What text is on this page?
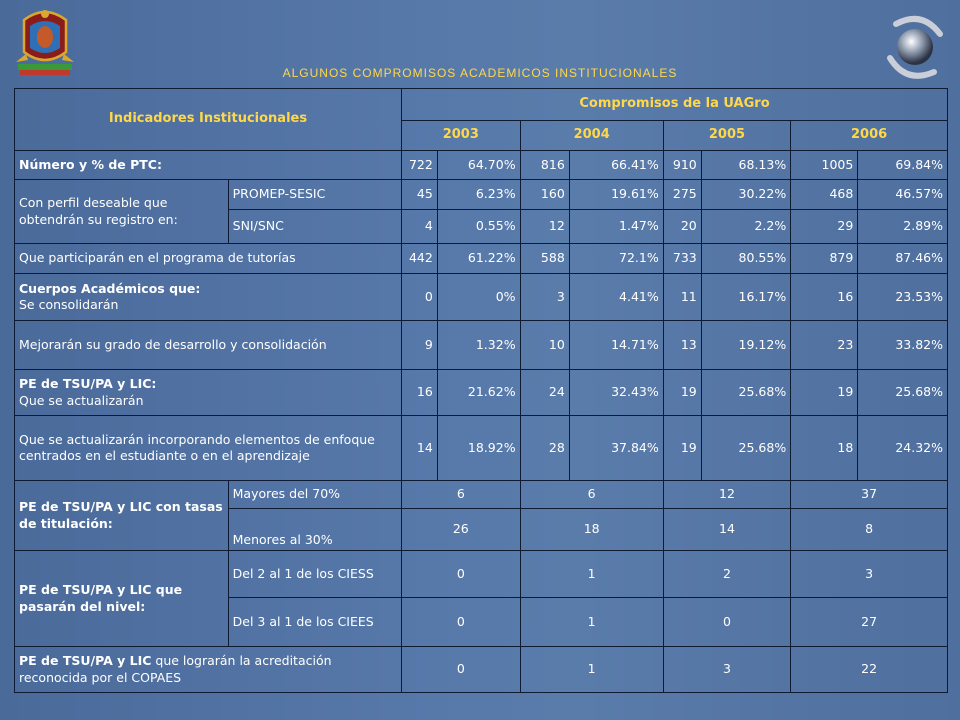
ALGUNOS COMPROMISOS ACADEMICOS INSTITUCIONALES
Indicadores Institucionales		Compromisos de la UAGro							
		2003		2004		2005		2006	
Número y % de PTC:		722	64.70%	816	66.41%	910	68.13%	1005	69.84%
Con perfil deseable que obtendrán su registro en:	PROMEP-SESIC	45	6.23%	160	19.61%	275	30.22%	468	46.57%
	SNI/SNC	4	0.55%	12	1.47%	20	2.2%	29	2.89%
Que participarán en el programa de tutorías		442	61.22%	588	72.1%	733	80.55%	879	87.46%
Cuerpos Académicos que:
Se consolidarán		0	0%	3	4.41%	11	16.17%	16	23.53%
Mejorarán su grado de desarrollo y consolidación		9	1.32%	10	14.71%	13	19.12%	23	33.82%
PE de TSU/PA y LIC:
Que se actualizarán		16	21.62%	24	32.43%	19	25.68%	19	25.68%
Que se actualizarán incorporando elementos de enfoque centrados en el estudiante o en el aprendizaje		14	18.92%	28	37.84%	19	25.68%	18	24.32%
PE de TSU/PA y LIC con tasas de titulación:	Mayores del 70%	6		6		12		37	
	Menores al 30%	26		18		14		8	
PE de TSU/PA y LIC que pasarán del nivel:	Del 2 al 1 de los CIESS	0		1		2		3	
	Del 3 al 1 de los CIEES	0		1		0		27	
PE de TSU/PA y LIC que lograrán la acreditación reconocida por el COPAES		0		1		3		22	
